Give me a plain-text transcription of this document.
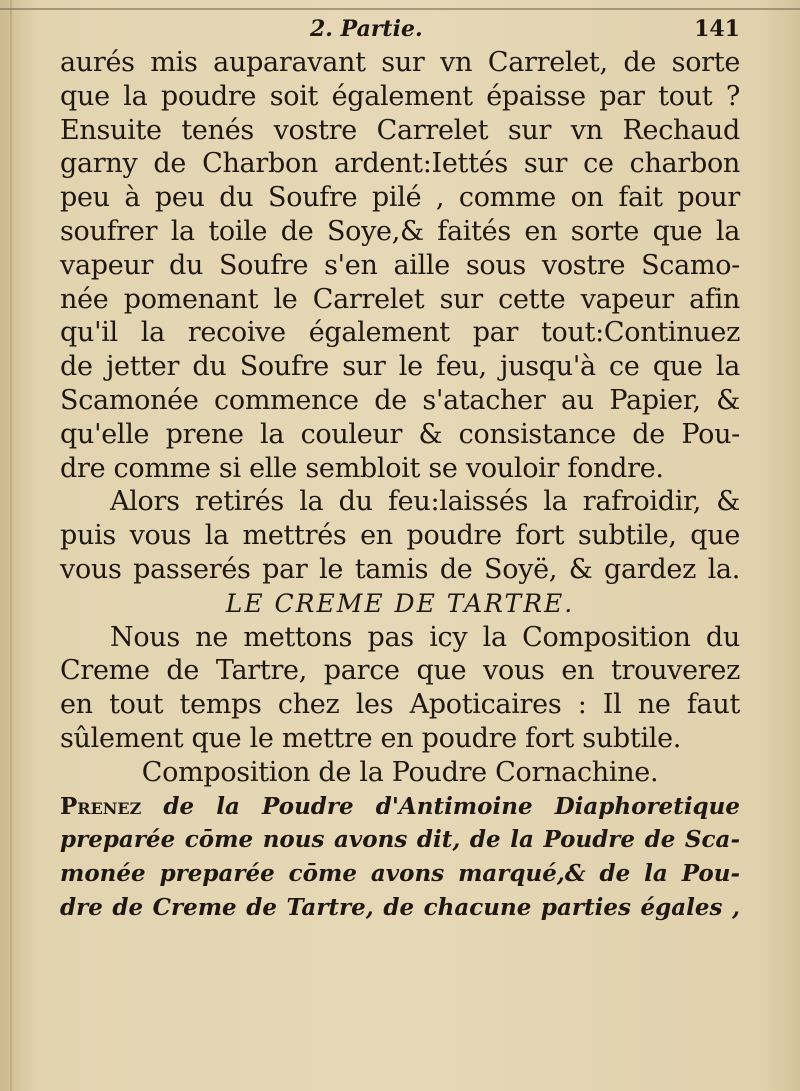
2. Partie.	141
aurés mis auparavant sur vn Carrelet, de sorte
que la poudre soit également épaisse par tout ?
Ensuite tenés vostre Carrelet sur vn Rechaud
garny de Charbon ardent:Iettés sur ce charbon
peu à peu du Soufre pilé , comme on fait pour
soufrer la toile de Soye,& faités en sorte que la
vapeur du Soufre s'en aille sous vostre Scamo-
née pomenant le Carrelet sur cette vapeur afin
qu'il la recoive également par tout:Continuez
de jetter du Soufre sur le feu, jusqu'à ce que la
Scamonée commence de s'atacher au Papier, &
qu'elle prene la couleur & consistance de Pou-
dre comme si elle sembloit se vouloir fondre.
Alors retirés la du feu:laissés la rafroidir, &
puis vous la mettrés en poudre fort subtile, que
vous passerés par le tamis de Soyë, & gardez la.
LE CREME DE TARTRE.
Nous ne mettons pas icy la Composition du
Creme de Tartre, parce que vous en trouverez
en tout temps chez les Apoticaires : Il ne faut
sûlement que le mettre en poudre fort subtile.
Composition de la Poudre Cornachine.
Prenez de la Poudre d'Antimoine Diaphoretique
preparée cōme nous avons dit, de la Poudre de Sca-
monée preparée cōme avons marqué,& de la Pou-
dre de Creme de Tartre, de chacune parties égales ,
